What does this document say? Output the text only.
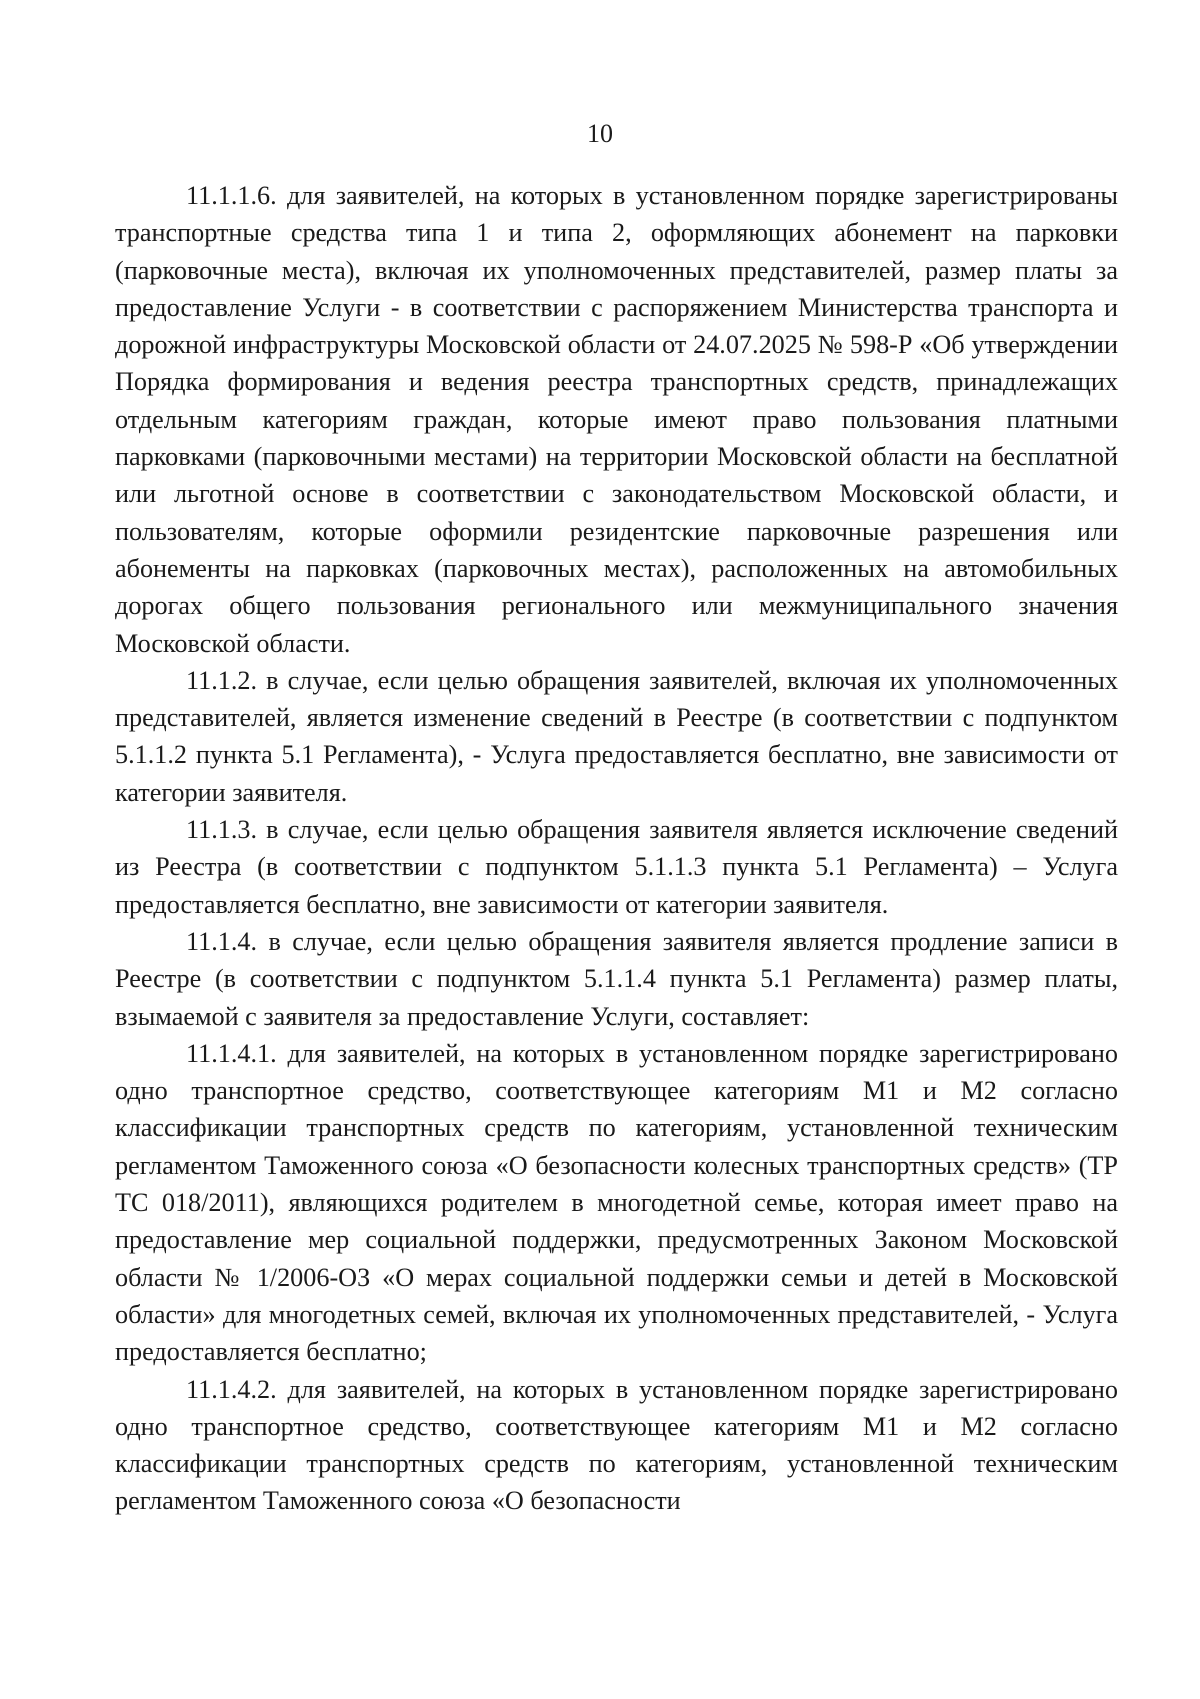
10

11.1.1.6. для заявителей, на которых в установленном порядке зарегистрированы транспортные средства типа 1 и типа 2, оформляющих абонемент на парковки (парковочные места), включая их уполномоченных представителей, размер платы за предоставление Услуги - в соответствии с распоряжением Министерства транспорта и дорожной инфраструктуры Московской области от 24.07.2025 № 598-Р «Об утверждении Порядка формирования и ведения реестра транспортных средств, принадлежащих отдельным категориям граждан, которые имеют право пользования платными парковками (парковочными местами) на территории Московской области на бесплатной или льготной основе в соответствии с законодательством Московской области, и пользователям, которые оформили резидентские парковочные разрешения или абонементы на парковках (парковочных местах), расположенных на автомобильных дорогах общего пользования регионального или межмуниципального значения Московской области.

11.1.2. в случае, если целью обращения заявителей, включая их уполномоченных представителей, является изменение сведений в Реестре (в соответствии с подпунктом 5.1.1.2 пункта 5.1 Регламента), - Услуга предоставляется бесплатно, вне зависимости от категории заявителя.

11.1.3. в случае, если целью обращения заявителя является исключение сведений из Реестра (в соответствии с подпунктом 5.1.1.3 пункта 5.1 Регламента) – Услуга предоставляется бесплатно, вне зависимости от категории заявителя.

11.1.4. в случае, если целью обращения заявителя является продление записи в Реестре (в соответствии с подпунктом 5.1.1.4 пункта 5.1 Регламента) размер платы, взымаемой с заявителя за предоставление Услуги, составляет:

11.1.4.1. для заявителей, на которых в установленном порядке зарегистрировано одно транспортное средство, соответствующее категориям М1 и М2 согласно классификации транспортных средств по категориям, установленной техническим регламентом Таможенного союза «О безопасности колесных транспортных средств» (ТР ТС 018/2011), являющихся родителем в многодетной семье, которая имеет право на предоставление мер социальной поддержки, предусмотренных Законом Московской области № 1/2006-ОЗ «О мерах социальной поддержки семьи и детей в Московской области» для многодетных семей, включая их уполномоченных представителей, - Услуга предоставляется бесплатно;

11.1.4.2. для заявителей, на которых в установленном порядке зарегистрировано одно транспортное средство, соответствующее категориям М1 и М2 согласно классификации транспортных средств по категориям, установленной техническим регламентом Таможенного союза «О безопасности
